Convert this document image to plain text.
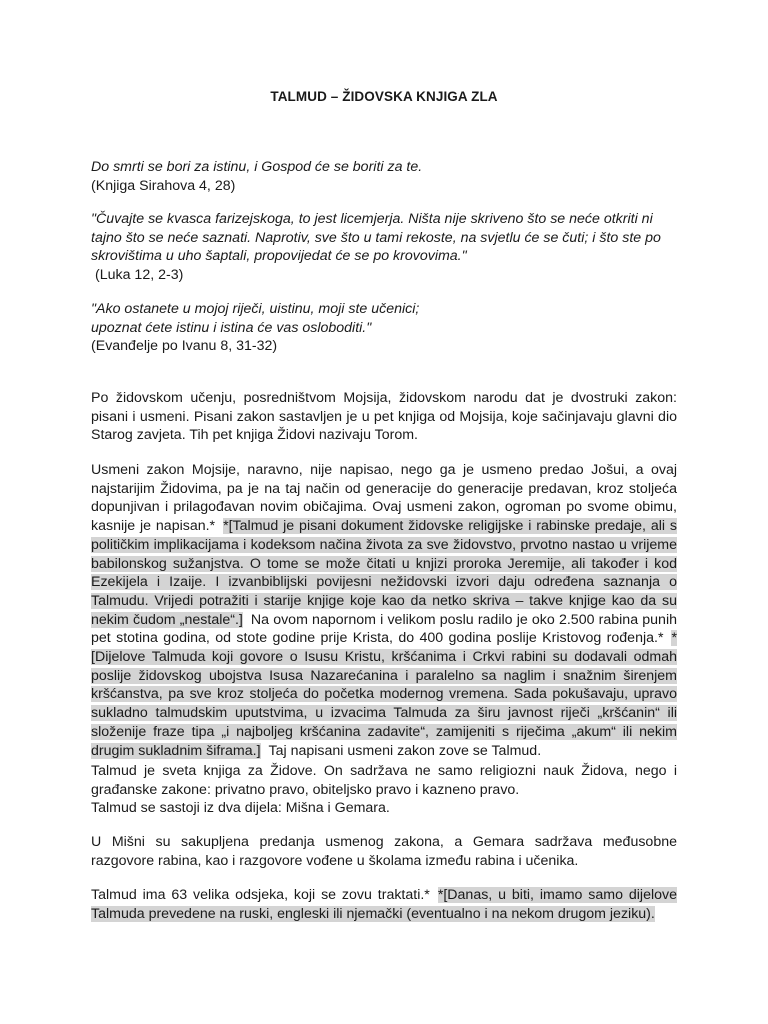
TALMUD – ŽIDOVSKA KNJIGA ZLA
Do smrti se bori za istinu, i Gospod će se boriti za te.
(Knjiga Sirahova 4, 28)
"Čuvajte se kvasca farizejskoga, to jest licemjerja. Ništa nije skriveno što se neće otkriti ni
tajno što se neće saznati. Naprotiv, sve što u tami rekoste, na svjetlu će se čuti; i što ste po
skrovištima u uho šaptali, propovijedat će se po krovovima."
(Luka 12, 2-3)
"Ako ostanete u mojoj riječi, uistinu, moji ste učenici;
upoznat ćete istinu i istina će vas osloboditi."
(Evanđelje po Ivanu 8, 31-32)
Po židovskom učenju, posredništvom Mojsija, židovskom narodu dat je dvostruki zakon: pisani i usmeni. Pisani zakon sastavljen je u pet knjiga od Mojsija, koje sačinjavaju glavni dio Starog zavjeta. Tih pet knjiga Židovi nazivaju Torom.
Usmeni zakon Mojsije, naravno, nije napisao, nego ga je usmeno predao Jošui, a ovaj najstarijim Židovima, pa je na taj način od generacije do generacije predavan, kroz stoljeća dopunjivan i prilagođavan novim običajima. Ovaj usmeni zakon, ogroman po svome obimu, kasnije je napisan.* *[Talmud je pisani dokument židovske religijske i rabinske predaje, ali s političkim implikacijama i kodeksom načina života za sve židovstvo, prvotno nastao u vrijeme babilonskog sužanjstva. O tome se može čitati u knjizi proroka Jeremije, ali također i kod Ezekijela i Izaije. I izvanbiblijski povijesni nežidovski izvori daju određena saznanja o Talmudu. Vrijedi potražiti i starije knjige koje kao da netko skriva – takve knjige kao da su nekim čudom „nestale“.] Na ovom napornom i velikom poslu radilo je oko 2.500 rabina punih pet stotina godina, od stote godine prije Krista, do 400 godina poslije Kristovog rođenja.* *[Dijelove Talmuda koji govore o Isusu Kristu, kršćanima i Crkvi rabini su dodavali odmah poslije židovskog ubojstva Isusa Nazarećanina i paralelno sa naglim i snažnim širenjem kršćanstva, pa sve kroz stoljeća do početka modernog vremena. Sada pokušavaju, upravo sukladno talmudskim uputstvima, u izvacima Talmuda za širu javnost riječi „kršćanin“ ili složenije fraze tipa „i najboljeg kršćanina zadavite“, zamijeniti s riječima „akum“ ili nekim drugim sukladnim šiframa.] Taj napisani usmeni zakon zove se Talmud.
Talmud je sveta knjiga za Židove. On sadržava ne samo religiozni nauk Židova, nego i građanske zakone: privatno pravo, obiteljsko pravo i kazneno pravo.
Talmud se sastoji iz dva dijela: Mišna i Gemara.
U Mišni su sakupljena predanja usmenog zakona, a Gemara sadržava međusobne razgovore rabina, kao i razgovore vođene u školama između rabina i učenika.
Talmud ima 63 velika odsjeka, koji se zovu traktati.* *[Danas, u biti, imamo samo dijelove Talmuda prevedene na ruski, engleski ili njemački (eventualno i na nekom drugom jeziku).
